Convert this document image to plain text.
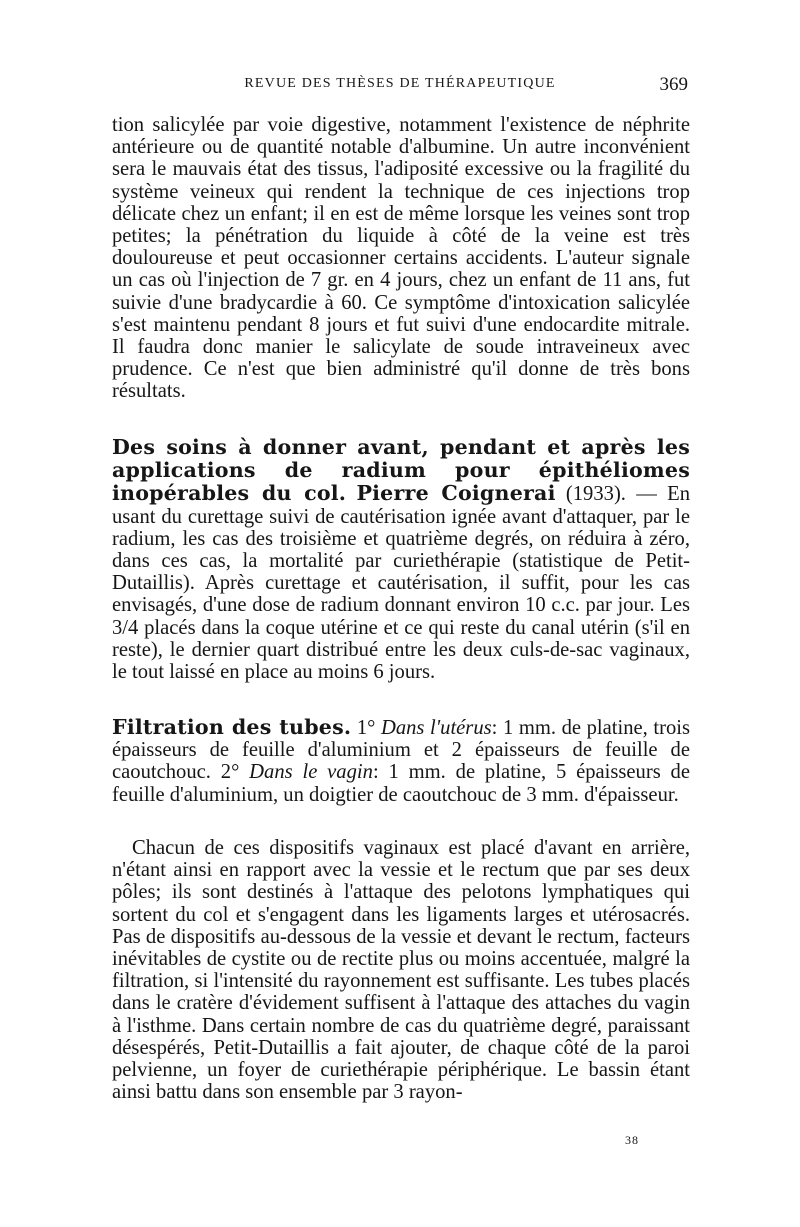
REVUE DES THÈSES DE THÉRAPEUTIQUE	369

tion salicylée par voie digestive, notamment l'existence de néphrite antérieure ou de quantité notable d'albumine. Un autre inconvénient sera le mauvais état des tissus, l'adiposité excessive ou la fragilité du système veineux qui rendent la technique de ces injections trop délicate chez un enfant; il en est de même lorsque les veines sont trop petites; la pénétration du liquide à côté de la veine est très douloureuse et peut occasionner certains accidents. L'auteur signale un cas où l'injection de 7 gr. en 4 jours, chez un enfant de 11 ans, fut suivie d'une bradycardie à 60. Ce symptôme d'intoxication salicylée s'est maintenu pendant 8 jours et fut suivi d'une endocardite mitrale. Il faudra donc manier le salicylate de soude intraveineux avec prudence. Ce n'est que bien administré qu'il donne de très bons résultats.

Des soins à donner avant, pendant et après les applications de radium pour épithéliomes inopérables du col. Pierre Coignerai (1933). — En usant du curettage suivi de cautérisation ignée avant d'attaquer, par le radium, les cas des troisième et quatrième degrés, on réduira à zéro, dans ces cas, la mortalité par curiethérapie (statistique de Petit-Dutaillis). Après curettage et cautérisation, il suffit, pour les cas envisagés, d'une dose de radium donnant environ 10 c.c. par jour. Les 3/4 placés dans la coque utérine et ce qui reste du canal utérin (s'il en reste), le dernier quart distribué entre les deux culs-de-sac vaginaux, le tout laissé en place au moins 6 jours.

Filtration des tubes. 1° Dans l'utérus: 1 mm. de platine, trois épaisseurs de feuille d'aluminium et 2 épaisseurs de feuille de caoutchouc. 2° Dans le vagin: 1 mm. de platine, 5 épaisseurs de feuille d'aluminium, un doigtier de caoutchouc de 3 mm. d'épaisseur.

Chacun de ces dispositifs vaginaux est placé d'avant en arrière, n'étant ainsi en rapport avec la vessie et le rectum que par ses deux pôles; ils sont destinés à l'attaque des pelotons lymphatiques qui sortent du col et s'engagent dans les ligaments larges et utérosacrés. Pas de dispositifs au-dessous de la vessie et devant le rectum, facteurs inévitables de cystite ou de rectite plus ou moins accentuée, malgré la filtration, si l'intensité du rayonnement est suffisante. Les tubes placés dans le cratère d'évidement suffisent à l'attaque des attaches du vagin à l'isthme. Dans certain nombre de cas du quatrième degré, paraissant désespérés, Petit-Dutaillis a fait ajouter, de chaque côté de la paroi pelvienne, un foyer de curiethérapie périphérique. Le bassin étant ainsi battu dans son ensemble par 3 rayon-

38
